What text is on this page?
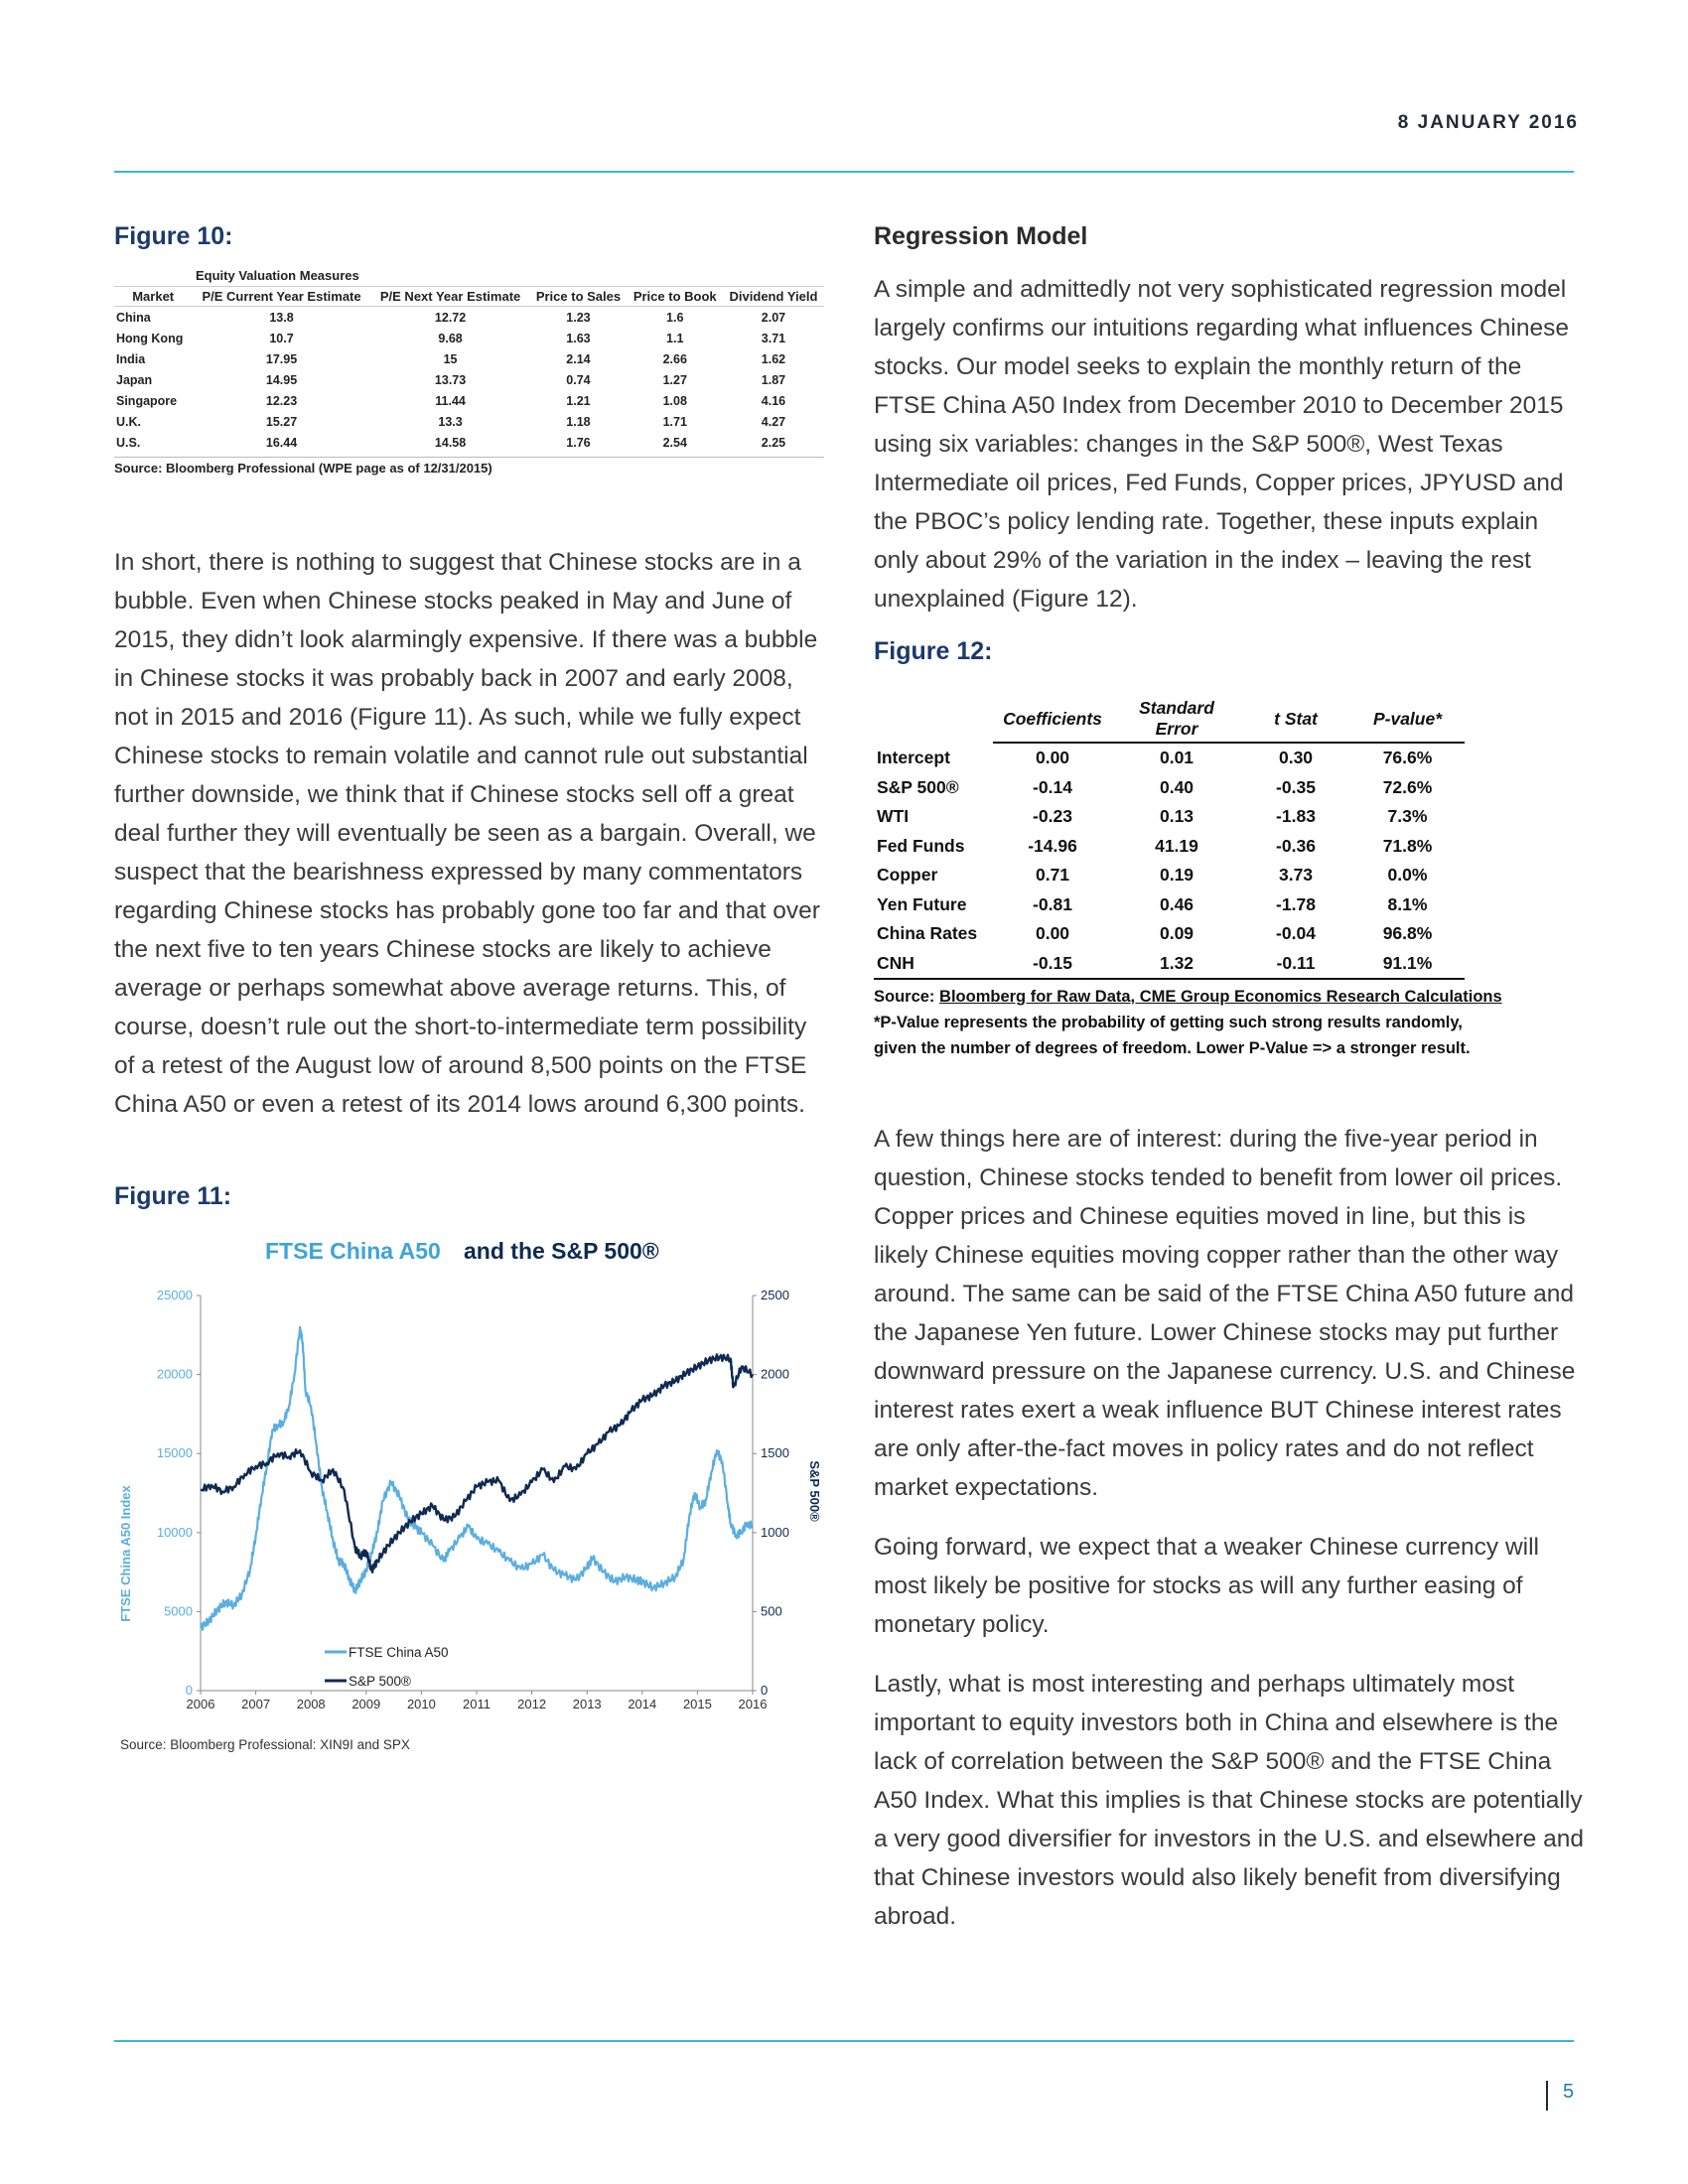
8 JANUARY 2016
5
Figure 10:
Equity Valuation Measures
Market	P/E Current Year Estimate	P/E Next Year Estimate	Price to Sales	Price to Book	Dividend Yield
China	13.8	12.72	1.23	1.6	2.07
Hong Kong	10.7	9.68	1.63	1.1	3.71
India	17.95	15	2.14	2.66	1.62
Japan	14.95	13.73	0.74	1.27	1.87
Singapore	12.23	11.44	1.21	1.08	4.16
U.K.	15.27	13.3	1.18	1.71	4.27
U.S.	16.44	14.58	1.76	2.54	2.25
Source: Bloomberg Professional (WPE page as of 12/31/2015)

In short, there is nothing to suggest that Chinese stocks are in a bubble. Even when Chinese stocks peaked in May and June of 2015, they didn’t look alarmingly expensive. If there was a bubble in Chinese stocks it was probably back in 2007 and early 2008, not in 2015 and 2016 (Figure 11). As such, while we fully expect Chinese stocks to remain volatile and cannot rule out substantial further downside, we think that if Chinese stocks sell off a great deal further they will eventually be seen as a bargain. Overall, we suspect that the bearishness expressed by many commentators regarding Chinese stocks has probably gone too far and that over the next five to ten years Chinese stocks are likely to achieve average or perhaps somewhat above average returns. This, of course, doesn’t rule out the short-to-intermediate term possibility of a retest of the August low of around 8,500 points on the FTSE China A50 or even a retest of its 2014 lows around 6,300 points.

Figure 11:
FTSE China A50 and the S&P 500®
0
5000
10000
15000
20000
25000
0
500
1000
1500
2000
2500
2006 2007 2008 2009 2010 2011 2012 2013 2014 2015 2016
FTSE China A50 Index	S&P 500®
FTSE China A50
S&P 500®
Source: Bloomberg Professional: XIN9I and SPX
Regression Model

A simple and admittedly not very sophisticated regression model largely confirms our intuitions regarding what influences Chinese stocks. Our model seeks to explain the monthly return of the FTSE China A50 Index from December 2010 to December 2015 using six variables: changes in the S&P 500®, West Texas Intermediate oil prices, Fed Funds, Copper prices, JPYUSD and the PBOC’s policy lending rate. Together, these inputs explain only about 29% of the variation in the index – leaving the rest unexplained (Figure 12).

Figure 12:
	Coefficients	Standard Error	t Stat	P-value*
Intercept	0.00	0.01	0.30	76.6%
S&P 500®	-0.14	0.40	-0.35	72.6%
WTI	-0.23	0.13	-1.83	7.3%
Fed Funds	-14.96	41.19	-0.36	71.8%
Copper	0.71	0.19	3.73	0.0%
Yen Future	-0.81	0.46	-1.78	8.1%
China Rates	0.00	0.09	-0.04	96.8%
CNH	-0.15	1.32	-0.11	91.1%
Source: Bloomberg for Raw Data, CME Group Economics Research Calculations
*P-Value represents the probability of getting such strong results randomly,
given the number of degrees of freedom. Lower P-Value => a stronger result.

A few things here are of interest: during the five-year period in question, Chinese stocks tended to benefit from lower oil prices. Copper prices and Chinese equities moved in line, but this is likely Chinese equities moving copper rather than the other way around. The same can be said of the FTSE China A50 future and the Japanese Yen future. Lower Chinese stocks may put further downward pressure on the Japanese currency. U.S. and Chinese interest rates exert a weak influence BUT Chinese interest rates are only after-the-fact moves in policy rates and do not reflect market expectations.

Going forward, we expect that a weaker Chinese currency will most likely be positive for stocks as will any further easing of monetary policy.

Lastly, what is most interesting and perhaps ultimately most important to equity investors both in China and elsewhere is the lack of correlation between the S&P 500® and the FTSE China A50 Index. What this implies is that Chinese stocks are potentially a very good diversifier for investors in the U.S. and elsewhere and that Chinese investors would also likely benefit from diversifying abroad.
